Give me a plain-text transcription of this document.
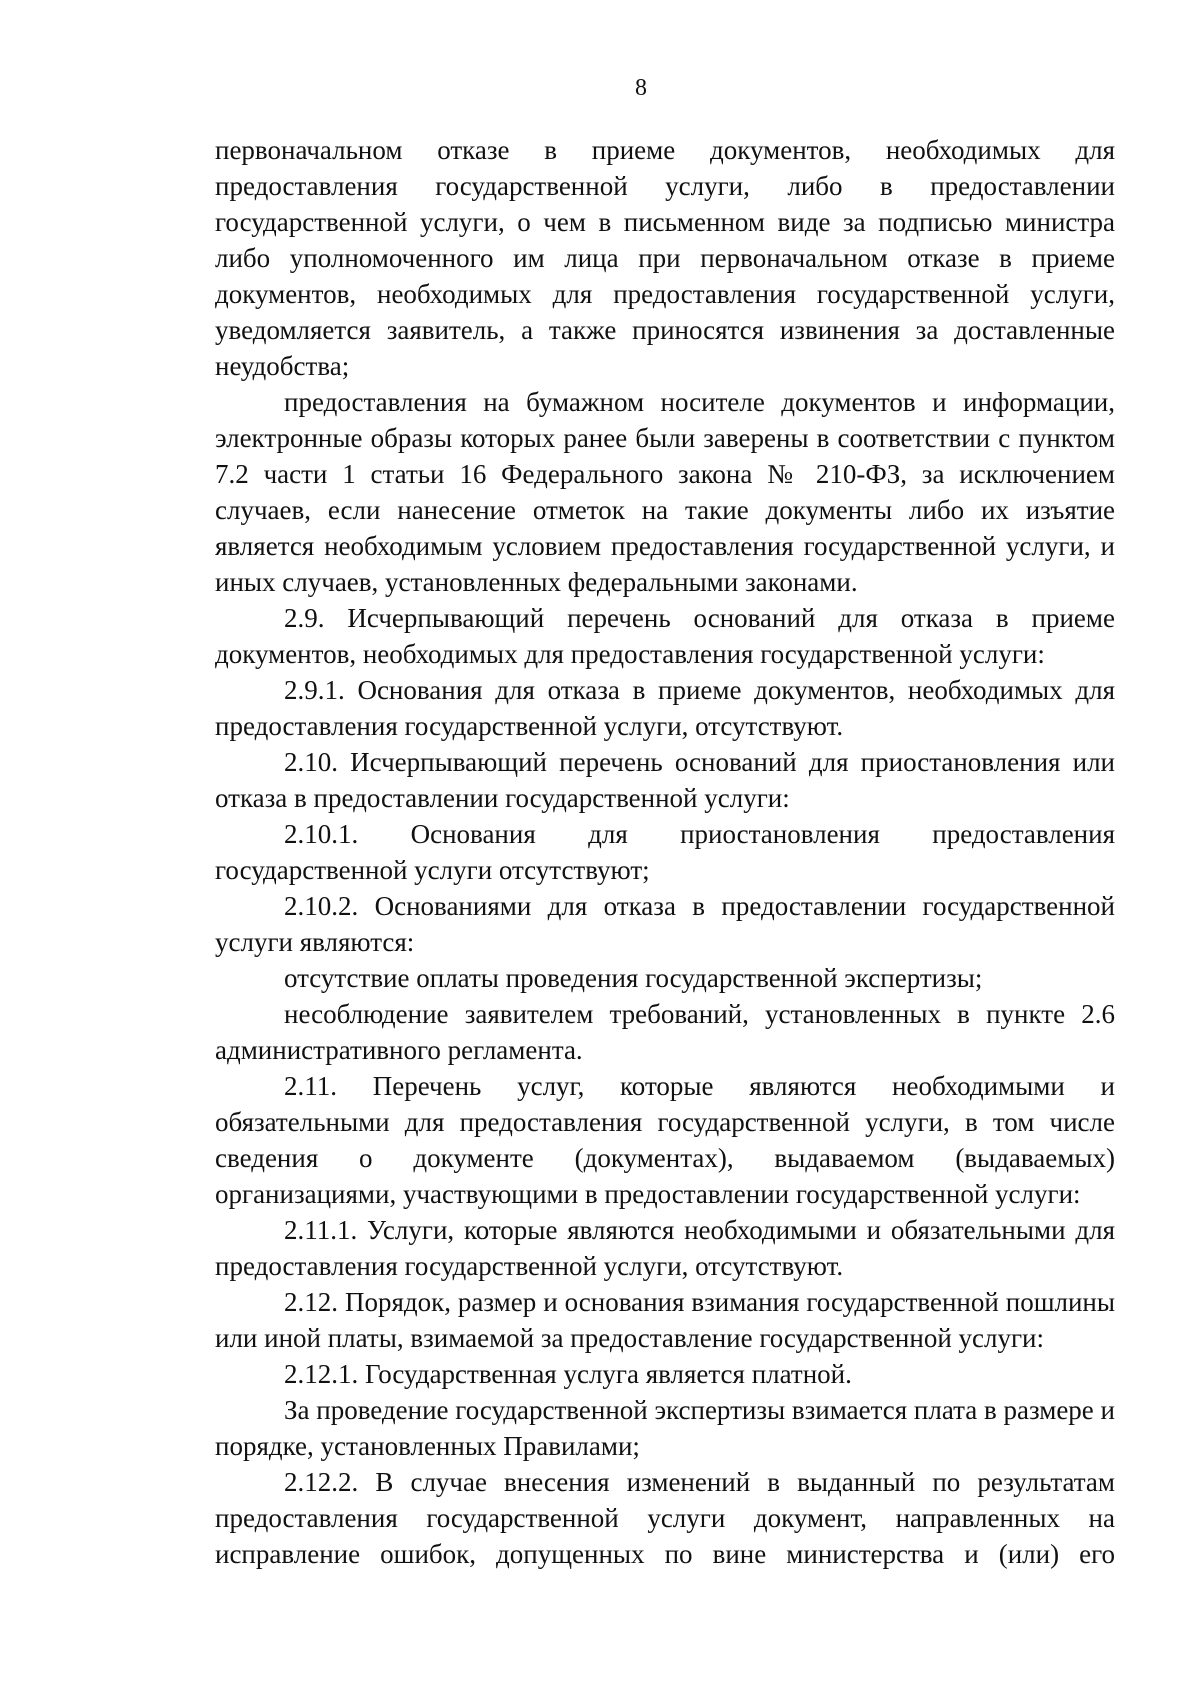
8

первоначальном отказе в приеме документов, необходимых для предоставления государственной услуги, либо в предоставлении государственной услуги, о чем в письменном виде за подписью министра либо уполномоченного им лица при первоначальном отказе в приеме документов, необходимых для предоставления государственной услуги, уведомляется заявитель, а также приносятся извинения за доставленные неудобства;

предоставления на бумажном носителе документов и информации, электронные образы которых ранее были заверены в соответствии с пунктом 7.2 части 1 статьи 16 Федерального закона № 210-ФЗ, за исключением случаев, если нанесение отметок на такие документы либо их изъятие является необходимым условием предоставления государственной услуги, и иных случаев, установленных федеральными законами.

2.9. Исчерпывающий перечень оснований для отказа в приеме документов, необходимых для предоставления государственной услуги:

2.9.1. Основания для отказа в приеме документов, необходимых для предоставления государственной услуги, отсутствуют.

2.10. Исчерпывающий перечень оснований для приостановления или отказа в предоставлении государственной услуги:

2.10.1. Основания для приостановления предоставления государственной услуги отсутствуют;

2.10.2. Основаниями для отказа в предоставлении государственной услуги являются:

отсутствие оплаты проведения государственной экспертизы;

несоблюдение заявителем требований, установленных в пункте 2.6 административного регламента.

2.11. Перечень услуг, которые являются необходимыми и обязательными для предоставления государственной услуги, в том числе сведения о документе (документах), выдаваемом (выдаваемых) организациями, участвующими в предоставлении государственной услуги:

2.11.1. Услуги, которые являются необходимыми и обязательными для предоставления государственной услуги, отсутствуют.

2.12. Порядок, размер и основания взимания государственной пошлины или иной платы, взимаемой за предоставление государственной услуги:

2.12.1. Государственная услуга является платной.

За проведение государственной экспертизы взимается плата в размере и порядке, установленных Правилами;

2.12.2. В случае внесения изменений в выданный по результатам предоставления государственной услуги документ, направленных на исправление ошибок, допущенных по вине министерства и (или) его
